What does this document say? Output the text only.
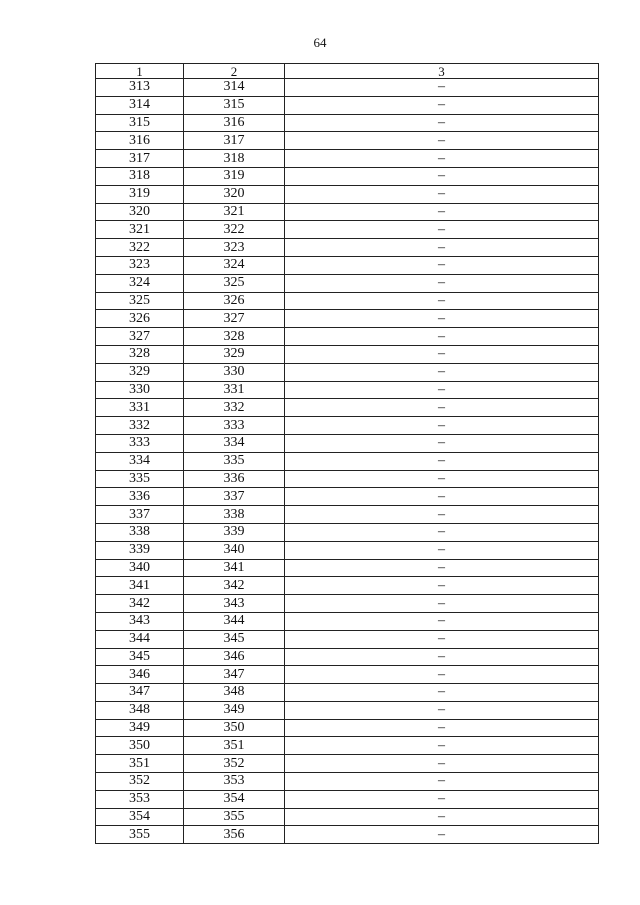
64
1	2	3
313	314	–
314	315	–
315	316	–
316	317	–
317	318	–
318	319	–
319	320	–
320	321	–
321	322	–
322	323	–
323	324	–
324	325	–
325	326	–
326	327	–
327	328	–
328	329	–
329	330	–
330	331	–
331	332	–
332	333	–
333	334	–
334	335	–
335	336	–
336	337	–
337	338	–
338	339	–
339	340	–
340	341	–
341	342	–
342	343	–
343	344	–
344	345	–
345	346	–
346	347	–
347	348	–
348	349	–
349	350	–
350	351	–
351	352	–
352	353	–
353	354	–
354	355	–
355	356	–
